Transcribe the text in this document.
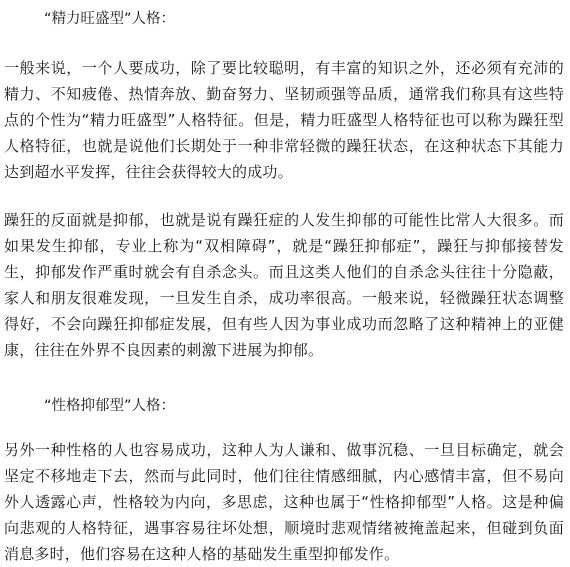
“精力旺盛型”人格：

一般来说，一个人要成功，除了要比较聪明，有丰富的知识之外，还必须有充沛的精力、不知疲倦、热情奔放、勤奋努力、坚韧顽强等品质，通常我们称具有这些特点的个性为“精力旺盛型”人格特征。但是，精力旺盛型人格特征也可以称为躁狂型人格特征，也就是说他们长期处于一种非常轻微的躁狂状态，在这种状态下其能力达到超水平发挥，往往会获得较大的成功。

躁狂的反面就是抑郁，也就是说有躁狂症的人发生抑郁的可能性比常人大很多。而如果发生抑郁，专业上称为“双相障碍”，就是“躁狂抑郁症”，躁狂与抑郁接替发生，抑郁发作严重时就会有自杀念头。而且这类人他们的自杀念头往往十分隐蔽，家人和朋友很难发现，一旦发生自杀，成功率很高。一般来说，轻微躁狂状态调整得好，不会向躁狂抑郁症发展，但有些人因为事业成功而忽略了这种精神上的亚健康，往往在外界不良因素的刺激下进展为抑郁。

“性格抑郁型”人格：

另外一种性格的人也容易成功，这种人为人谦和、做事沉稳、一旦目标确定，就会坚定不移地走下去，然而与此同时，他们往往情感细腻，内心感情丰富，但不易向外人透露心声，性格较为内向，多思虑，这种也属于“性格抑郁型”人格。这是种偏向悲观的人格特征，遇事容易往坏处想，顺境时悲观情绪被掩盖起来，但碰到负面消息多时，他们容易在这种人格的基础发生重型抑郁发作。
